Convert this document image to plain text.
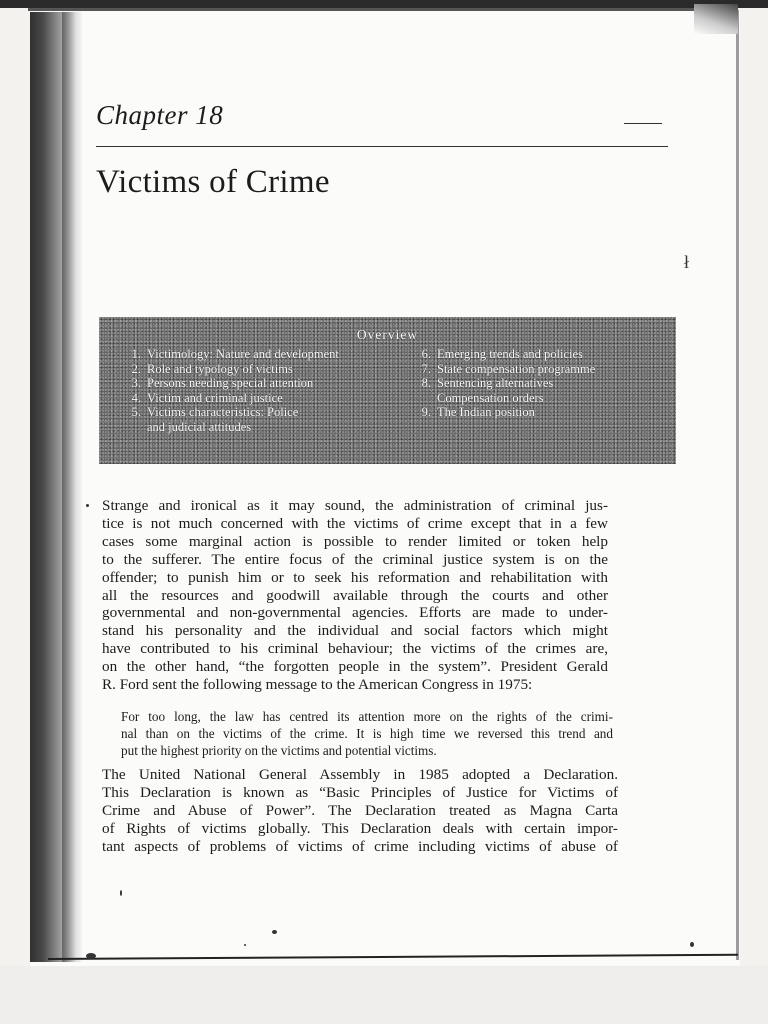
Chapter 18
Victims of Crime
ł
Overview
1. Victimology: Nature and development
2. Role and typology of victims
3. Persons needing special attention
4. Victim and criminal justice
5. Victims characteristics: Police
and judicial attitudes
6. Emerging trends and policies
7. State compensation programme
8. Sentencing alternatives
Compensation orders
9. The Indian position
Strange and ironical as it may sound, the administration of criminal jus-
tice is not much concerned with the victims of crime except that in a few
cases some marginal action is possible to render limited or token help
to the sufferer. The entire focus of the criminal justice system is on the
offender; to punish him or to seek his reformation and rehabilitation with
all the resources and goodwill available through the courts and other
governmental and non-governmental agencies. Efforts are made to under-
stand his personality and the individual and social factors which might
have contributed to his criminal behaviour; the victims of the crimes are,
on the other hand, “the forgotten people in the system”. President Gerald
R. Ford sent the following message to the American Congress in 1975:
For too long, the law has centred its attention more on the rights of the crimi-
nal than on the victims of the crime. It is high time we reversed this trend and
put the highest priority on the victims and potential victims.
The United National General Assembly in 1985 adopted a Declaration.
This Declaration is known as “Basic Principles of Justice for Victims of
Crime and Abuse of Power”. The Declaration treated as Magna Carta
of Rights of victims globally. This Declaration deals with certain impor-
tant aspects of problems of victims of crime including victims of abuse of
